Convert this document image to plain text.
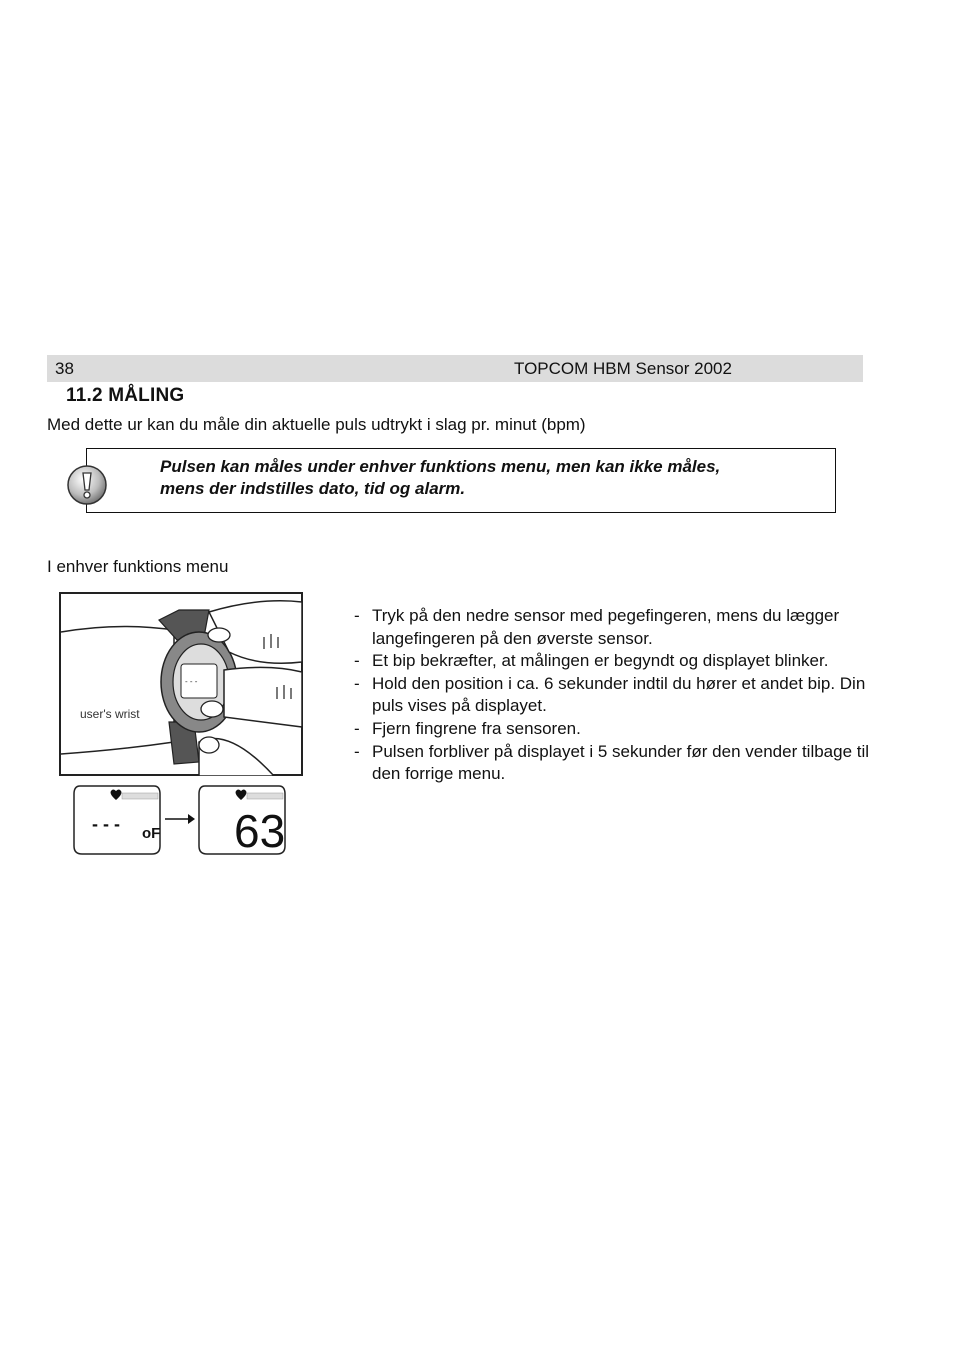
38	TOPCOM HBM Sensor 2002
11.2 MÅLING
Med dette ur kan du måle din aktuelle puls udtrykt i slag pr. minut (bpm)
Pulsen kan måles under enhver funktions menu, men kan ikke måles,
mens der indstilles dato, tid og alarm.
I enhver funktions menu
- - -
user's wrist
- - - oF 63
- Tryk på den nedre sensor med pegefingeren, mens du lægger langefingeren på den øverste sensor.
- Et bip bekræfter, at målingen er begyndt og displayet blinker.
- Hold den position i ca. 6 sekunder indtil du hører et andet bip. Din puls vises på displayet.
- Fjern fingrene fra sensoren.
- Pulsen forbliver på displayet i 5 sekunder før den vender tilbage til den forrige menu.
